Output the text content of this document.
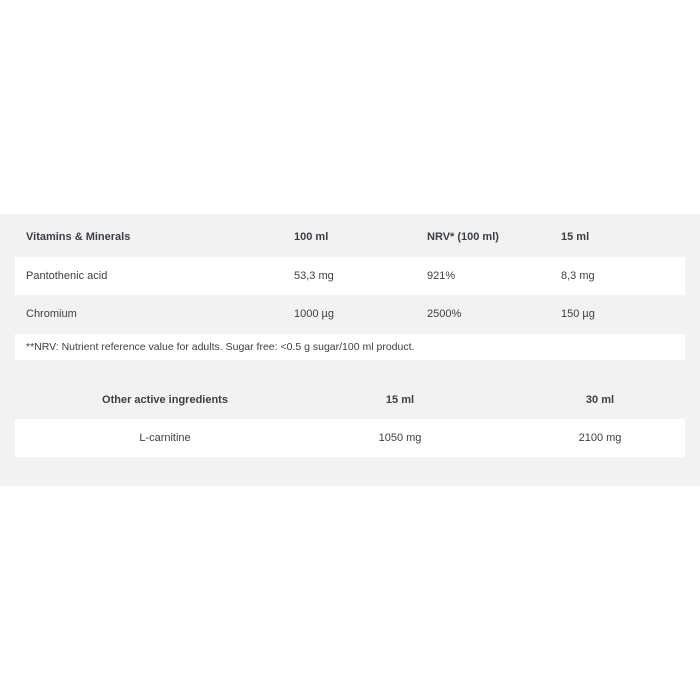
Vitamins & Minerals	100 ml	NRV* (100 ml)	15 ml
Pantothenic acid	53,3 mg	921%	8,3 mg
Chromium	1000 µg	2500%	150 µg
**NRV: Nutrient reference value for adults. Sugar free: <0.5 g sugar/100 ml product.
Other active ingredients	15 ml	30 ml
L-carnitine	1050 mg	2100 mg
